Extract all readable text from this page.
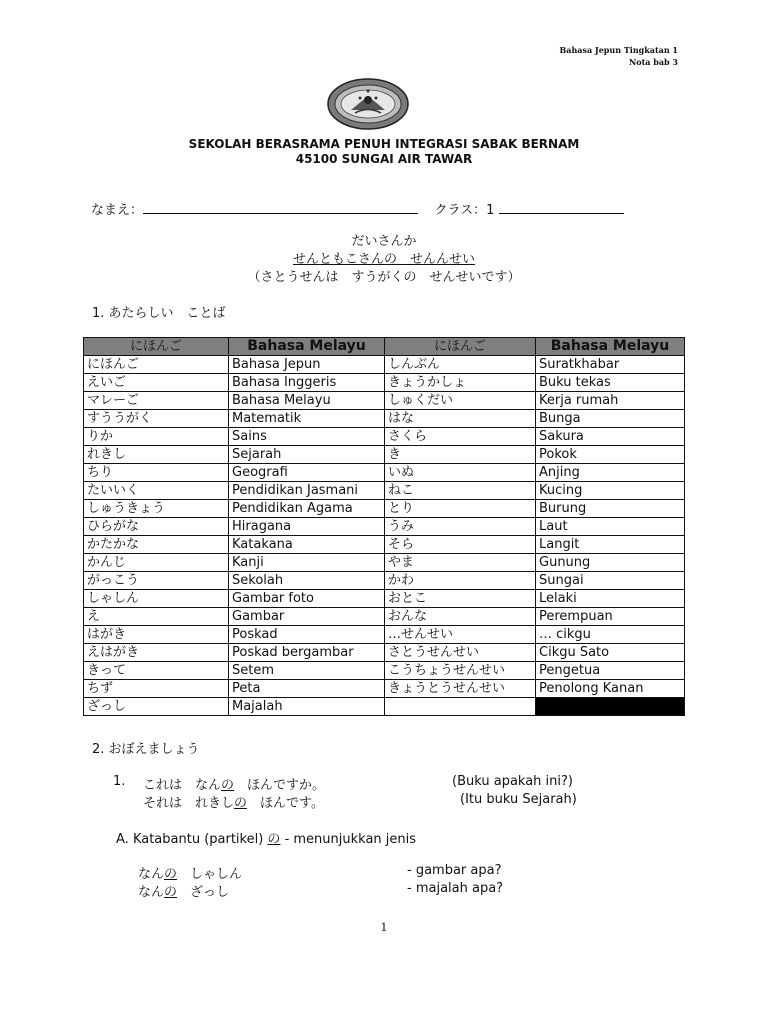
Bahasa Jepun Tingkatan 1
Nota bab 3
SEKOLAH BERASRAMA PENUH INTEGRASI SABAK BERNAM
45100 SUNGAI AIR TAWAR
なまえ：	クラス：1
だいさんか
せんともこさんの　せんんせい
（さとうせんは　すうがくの　せんせいです）
1. あたらしい　ことば
にほんご	Bahasa Melayu	にほんご	Bahasa Melayu
にほんご	Bahasa Jepun	しんぶん	Suratkhabar
えいご	Bahasa Inggeris	きょうかしょ	Buku tekas
マレーご	Bahasa Melayu	しゅくだい	Kerja rumah
すううがく	Matematik	はな	Bunga
りか	Sains	さくら	Sakura
れきし	Sejarah	き	Pokok
ちり	Geografi	いぬ	Anjing
たいいく	Pendidikan Jasmani	ねこ	Kucing
しゅうきょう	Pendidikan Agama	とり	Burung
ひらがな	Hiragana	うみ	Laut
かたかな	Katakana	そら	Langit
かんじ	Kanji	やま	Gunung
がっこう	Sekolah	かわ	Sungai
しゃしん	Gambar foto	おとこ	Lelaki
え	Gambar	おんな	Perempuan
はがき	Poskad	…せんせい	… cikgu
えはがき	Poskad bergambar	さとうせんせい	Cikgu Sato
きって	Setem	こうちょうせんせい	Pengetua
ちず	Peta	きょうとうせんせい	Penolong Kanan
ざっし	Majalah		
2. おぼえましょう
1. これは　なんの　ほんですか。	(Buku apakah ini?)
それは　れきしの　ほんです。	(Itu buku Sejarah)
A. Katabantu (partikel) の - menunjukkan jenis
なんの　しゃしん	- gambar apa?
なんの　ざっし	- majalah apa?
1
